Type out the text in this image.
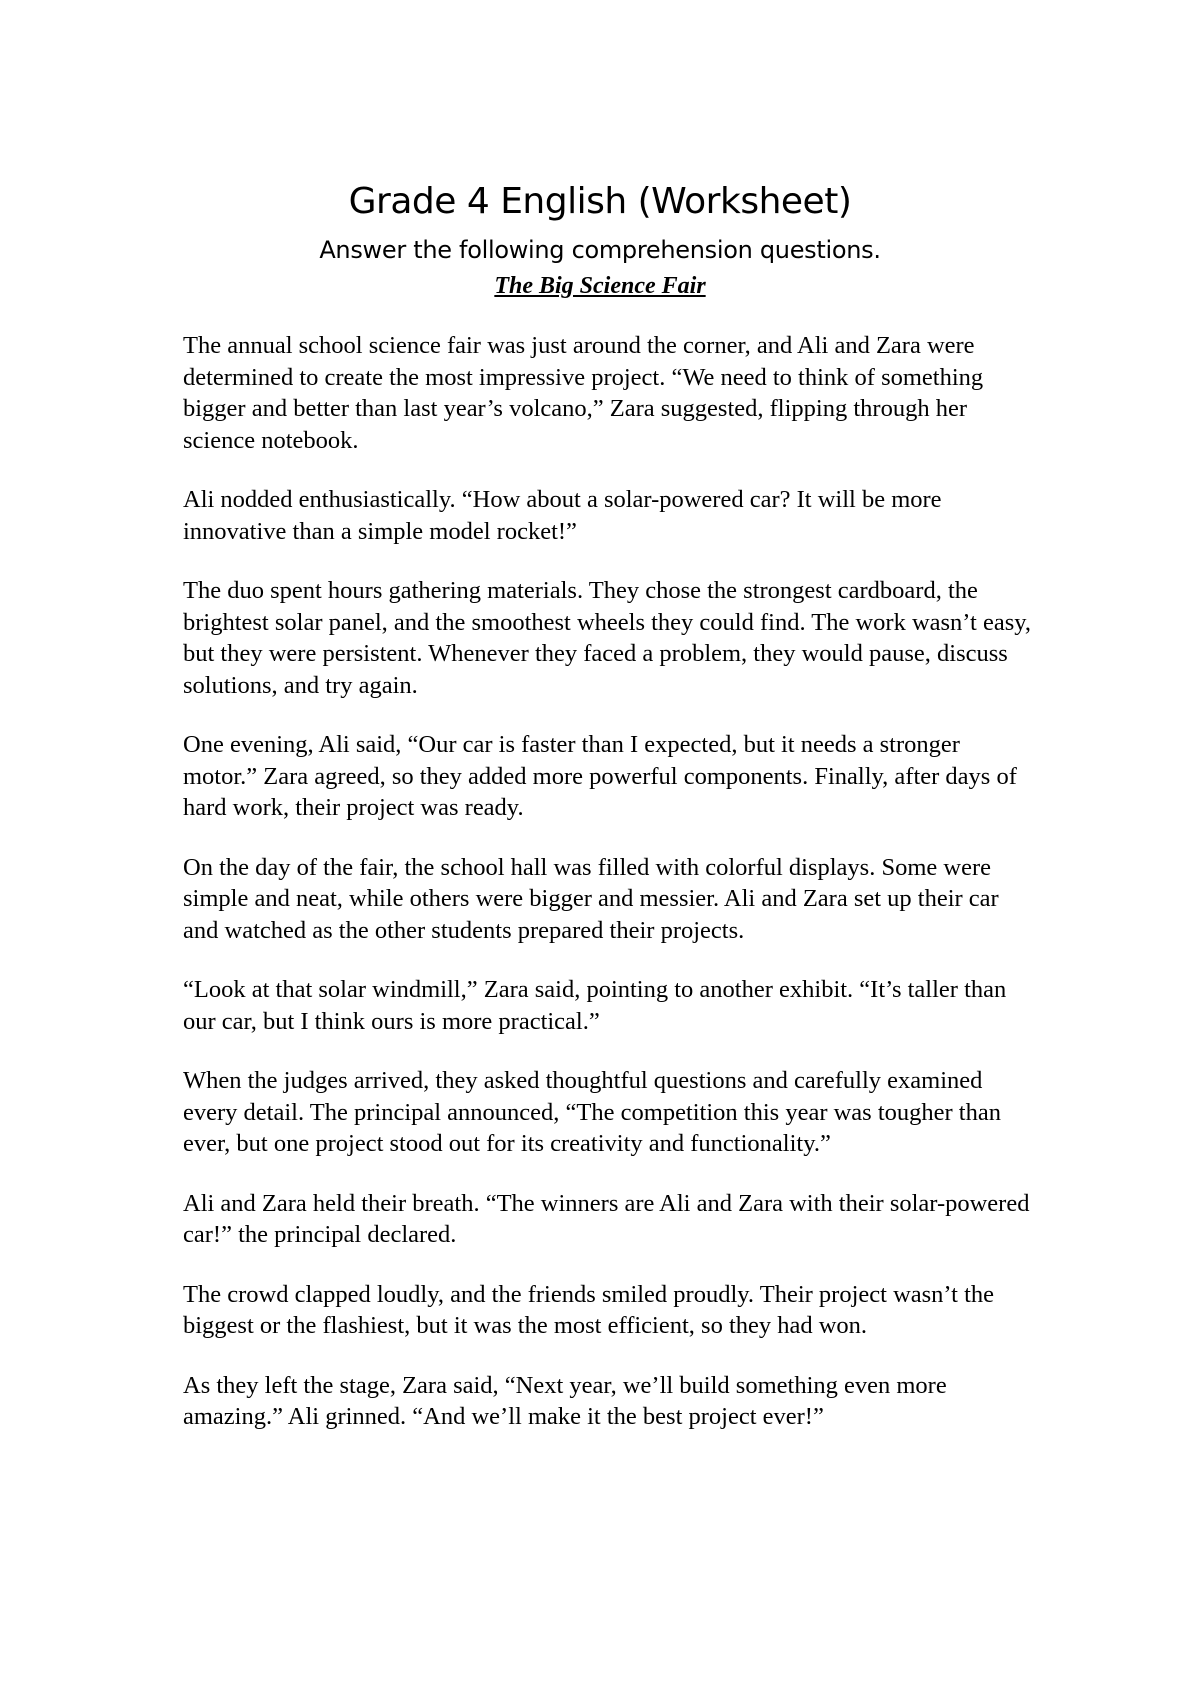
Grade 4 English (Worksheet)
Answer the following comprehension questions.
The Big Science Fair

The annual school science fair was just around the corner, and Ali and Zara were determined to create the most impressive project. “We need to think of something bigger and better than last year’s volcano,” Zara suggested, flipping through her science notebook.

Ali nodded enthusiastically. “How about a solar-powered car? It will be more innovative than a simple model rocket!”

The duo spent hours gathering materials. They chose the strongest cardboard, the brightest solar panel, and the smoothest wheels they could find. The work wasn’t easy, but they were persistent. Whenever they faced a problem, they would pause, discuss solutions, and try again.

One evening, Ali said, “Our car is faster than I expected, but it needs a stronger motor.” Zara agreed, so they added more powerful components. Finally, after days of hard work, their project was ready.

On the day of the fair, the school hall was filled with colorful displays. Some were simple and neat, while others were bigger and messier. Ali and Zara set up their car and watched as the other students prepared their projects.

“Look at that solar windmill,” Zara said, pointing to another exhibit. “It’s taller than our car, but I think ours is more practical.”

When the judges arrived, they asked thoughtful questions and carefully examined every detail. The principal announced, “The competition this year was tougher than ever, but one project stood out for its creativity and functionality.”

Ali and Zara held their breath. “The winners are Ali and Zara with their solar-powered car!” the principal declared.

The crowd clapped loudly, and the friends smiled proudly. Their project wasn’t the biggest or the flashiest, but it was the most efficient, so they had won.

As they left the stage, Zara said, “Next year, we’ll build something even more amazing.” Ali grinned. “And we’ll make it the best project ever!”
